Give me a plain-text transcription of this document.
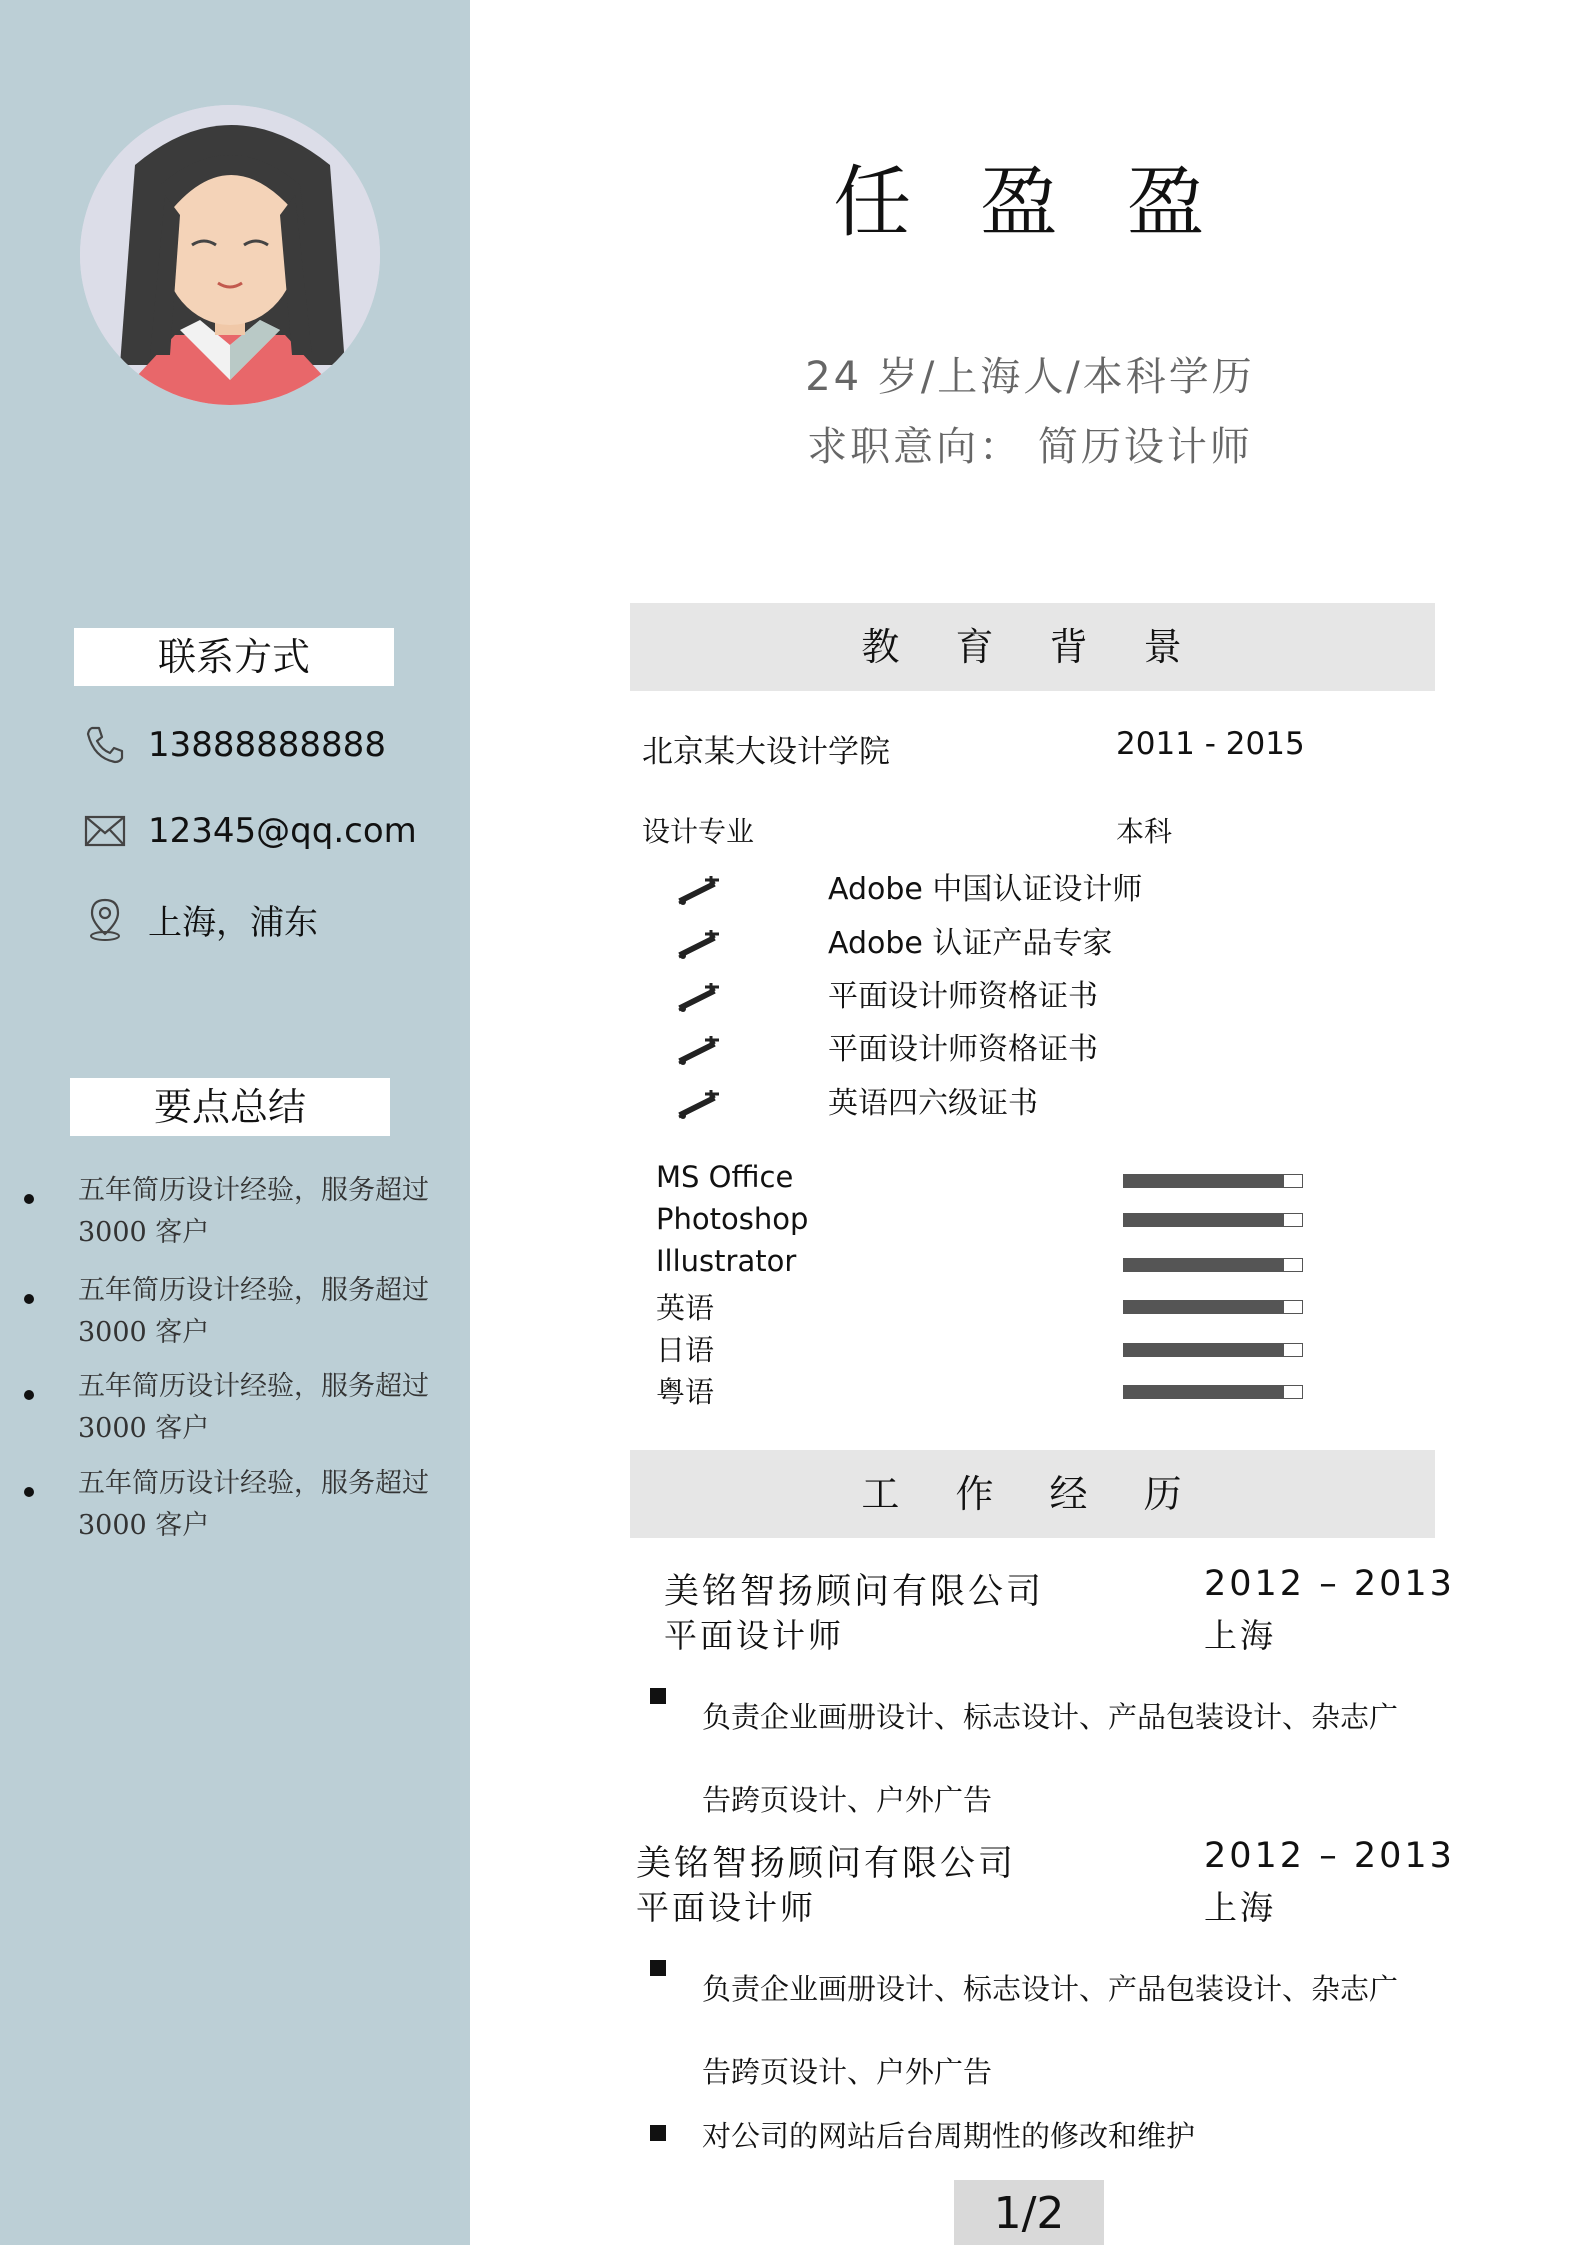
联系方式
13888888888
12345@qq.com
上海，浦东
要点总结
五年简历设计经验，服务超过 3000 客户
五年简历设计经验，服务超过 3000 客户
五年简历设计经验，服务超过 3000 客户
五年简历设计经验，服务超过 3000 客户
任 盈 盈
24 岁/上海人/本科学历
求职意向： 简历设计师
教 育 背 景
北京某大设计学院	2011 - 2015
设计专业	本科
Adobe 中国认证设计师
Adobe 认证产品专家
平面设计师资格证书
平面设计师资格证书
英语四六级证书
MS Office
Photoshop
Illustrator
英语
日语
粤语
工 作 经 历
美铭智扬顾问有限公司
平面设计师
2012 – 2013
上海
负责企业画册设计、标志设计、产品包装设计、杂志广告跨页设计、户外广告
美铭智扬顾问有限公司
平面设计师
2012 – 2013
上海
负责企业画册设计、标志设计、产品包装设计、杂志广告跨页设计、户外广告
对公司的网站后台周期性的修改和维护
1/2
